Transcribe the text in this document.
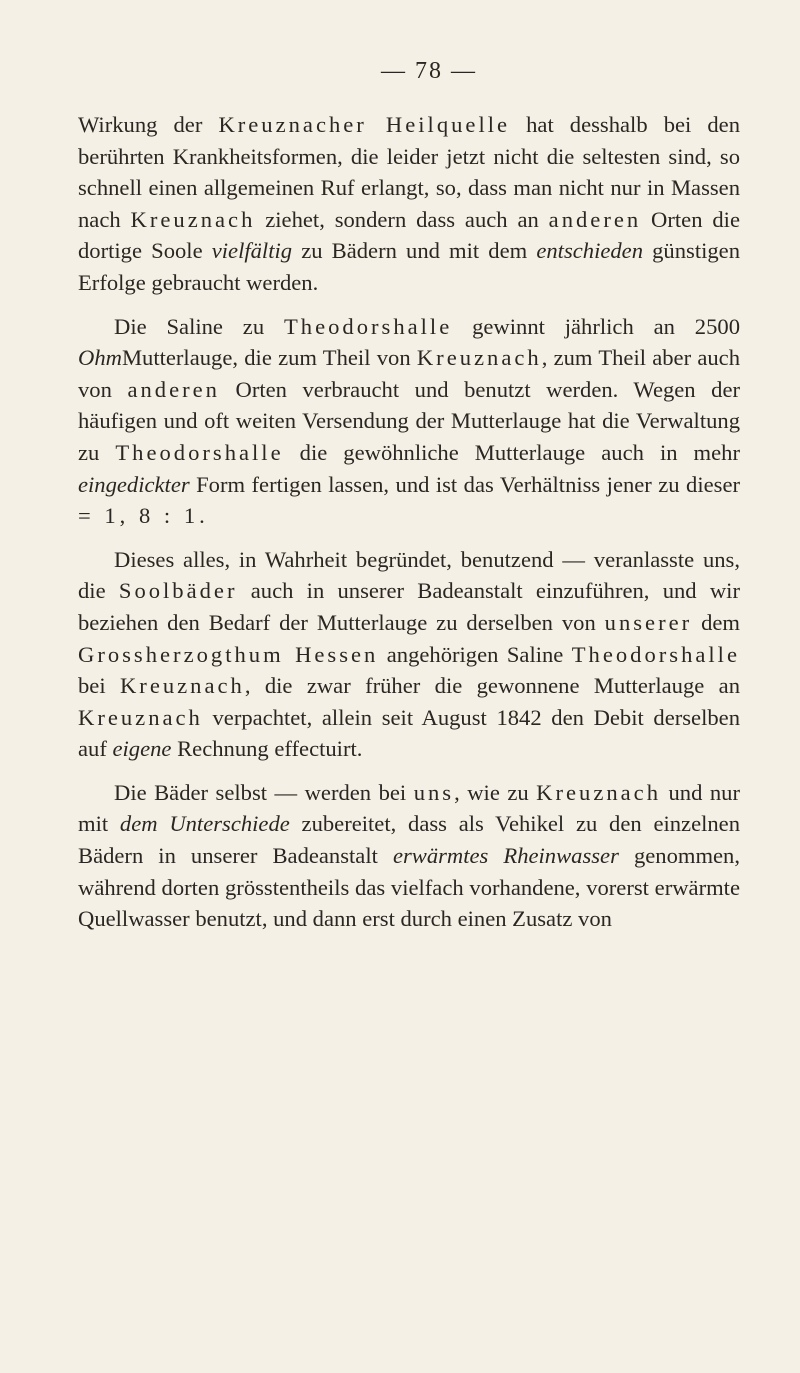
— 78 —

Wirkung der Kreuznacher Heilquelle hat desshalb bei den berührten Krankheitsformen, die leider jetzt nicht die seltesten sind, so schnell einen allgemeinen Ruf erlangt, so, dass man nicht nur in Massen nach Kreuznach ziehet, sondern dass auch an anderen Orten die dortige Soole vielfältig zu Bädern und mit dem entschieden günstigen Erfolge gebraucht werden.

Die Saline zu Theodorshalle gewinnt jährlich an 2500 OhmMutterlauge, die zum Theil von Kreuznach, zum Theil aber auch von anderen Orten verbraucht und benutzt werden. Wegen der häufigen und oft weiten Versendung der Mutterlauge hat die Verwaltung zu Theodorshalle die gewöhnliche Mutterlauge auch in mehr eingedickter Form fertigen lassen, und ist das Verhältniss jener zu dieser = 1, 8 : 1.

Dieses alles, in Wahrheit begründet, benutzend — veranlasste uns, die Soolbäder auch in unserer Badeanstalt einzuführen, und wir beziehen den Bedarf der Mutterlauge zu derselben von unserer dem Grossherzogthum Hessen angehörigen Saline Theodorshalle bei Kreuznach, die zwar früher die gewonnene Mutterlauge an Kreuznach verpachtet, allein seit August 1842 den Debit derselben auf eigene Rechnung effectuirt.

Die Bäder selbst — werden bei uns, wie zu Kreuznach und nur mit dem Unterschiede zubereitet, dass als Vehikel zu den einzelnen Bädern in unserer Badeanstalt erwärmtes Rheinwasser genommen, während dorten grösstentheils das vielfach vorhandene, vorerst erwärmte Quellwasser benutzt, und dann erst durch einen Zusatz von
